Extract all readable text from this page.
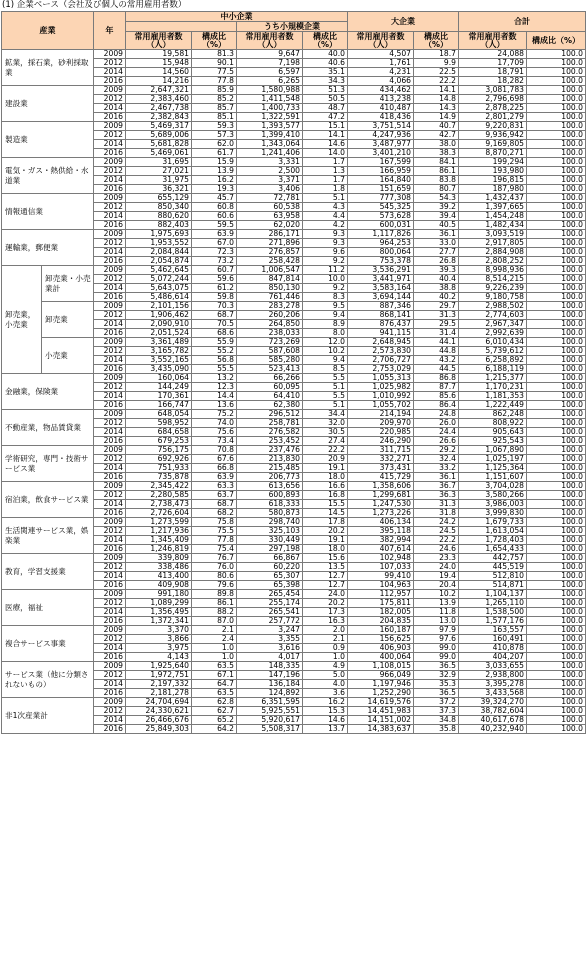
(1) 企業ベース（会社及び個人の常用雇用者数）
産業		年	中小企業				大企業		合計	
					うち小規模企業					
			常用雇用者数（人）	構成比（%）	常用雇用者数（人）	構成比（%）	常用雇用者数（人）	構成比（%）	常用雇用者数（人）	構成比（%）
鉱業，採石業，砂利採取業		2009	19,581	81.3	9,647	40.0	4,507	18.7	24,088	100.0
		2012	15,948	90.1	7,198	40.6	1,761	9.9	17,709	100.0
		2014	14,560	77.5	6,597	35.1	4,231	22.5	18,791	100.0
		2016	14,216	77.8	6,265	34.3	4,066	22.2	18,282	100.0
建設業		2009	2,647,321	85.9	1,580,988	51.3	434,462	14.1	3,081,783	100.0
		2012	2,383,460	85.2	1,411,548	50.5	413,238	14.8	2,796,698	100.0
		2014	2,467,738	85.7	1,400,733	48.7	410,487	14.3	2,878,225	100.0
		2016	2,382,843	85.1	1,322,591	47.2	418,436	14.9	2,801,279	100.0
製造業		2009	5,469,317	59.3	1,393,577	15.1	3,751,514	40.7	9,220,831	100.0
		2012	5,689,006	57.3	1,399,410	14.1	4,247,936	42.7	9,936,942	100.0
		2014	5,681,828	62.0	1,343,064	14.6	3,487,977	38.0	9,169,805	100.0
		2016	5,469,061	61.7	1,241,406	14.0	3,401,210	38.3	8,870,271	100.0
電気・ガス・熱供給・水道業		2009	31,695	15.9	3,331	1.7	167,599	84.1	199,294	100.0
		2012	27,021	13.9	2,500	1.3	166,959	86.1	193,980	100.0
		2014	31,975	16.2	3,371	1.7	164,840	83.8	196,815	100.0
		2016	36,321	19.3	3,406	1.8	151,659	80.7	187,980	100.0
情報通信業		2009	655,129	45.7	72,781	5.1	777,308	54.3	1,432,437	100.0
		2012	850,340	60.8	60,538	4.3	545,325	39.2	1,397,665	100.0
		2014	880,620	60.6	63,958	4.4	573,628	39.4	1,454,248	100.0
		2016	882,403	59.5	62,020	4.2	600,031	40.5	1,482,434	100.0
運輸業，郵便業		2009	1,975,693	63.9	286,171	9.3	1,117,826	36.1	3,093,519	100.0
		2012	1,953,552	67.0	271,896	9.3	964,253	33.0	2,917,805	100.0
		2014	2,084,844	72.3	276,857	9.6	800,064	27.7	2,884,908	100.0
		2016	2,054,874	73.2	258,428	9.2	753,378	26.8	2,808,252	100.0
卸売業，小売業	卸売業・小売業計	2009	5,462,645	60.7	1,006,547	11.2	3,536,291	39.3	8,998,936	100.0
		2012	5,072,244	59.6	847,814	10.0	3,441,971	40.4	8,514,215	100.0
		2014	5,643,075	61.2	850,130	9.2	3,583,164	38.8	9,226,239	100.0
		2016	5,486,614	59.8	761,446	8.3	3,694,144	40.2	9,180,758	100.0
	卸売業	2009	2,101,156	70.3	283,278	9.5	887,346	29.7	2,988,502	100.0
		2012	1,906,462	68.7	260,206	9.4	868,141	31.3	2,774,603	100.0
		2014	2,090,910	70.5	264,850	8.9	876,437	29.5	2,967,347	100.0
		2016	2,051,524	68.6	238,033	8.0	941,115	31.4	2,992,639	100.0
	小売業	2009	3,361,489	55.9	723,269	12.0	2,648,945	44.1	6,010,434	100.0
		2012	3,165,782	55.2	587,608	10.2	2,573,830	44.8	5,739,612	100.0
		2014	3,552,165	56.8	585,280	9.4	2,706,727	43.2	6,258,892	100.0
		2016	3,435,090	55.5	523,413	8.5	2,753,029	44.5	6,188,119	100.0
金融業，保険業		2009	160,064	13.2	66,266	5.5	1,055,313	86.8	1,215,377	100.0
		2012	144,249	12.3	60,095	5.1	1,025,982	87.7	1,170,231	100.0
		2014	170,361	14.4	64,410	5.5	1,010,992	85.6	1,181,353	100.0
		2016	166,747	13.6	62,380	5.1	1,055,702	86.4	1,222,449	100.0
不動産業，物品賃貸業		2009	648,054	75.2	296,512	34.4	214,194	24.8	862,248	100.0
		2012	598,952	74.0	258,781	32.0	209,970	26.0	808,922	100.0
		2014	684,658	75.6	276,582	30.5	220,985	24.4	905,643	100.0
		2016	679,253	73.4	253,452	27.4	246,290	26.6	925,543	100.0
学術研究，専門・技術サービス業		2009	756,175	70.8	237,476	22.2	311,715	29.2	1,067,890	100.0
		2012	692,926	67.6	213,830	20.9	332,271	32.4	1,025,197	100.0
		2014	751,933	66.8	215,485	19.1	373,431	33.2	1,125,364	100.0
		2016	735,878	63.9	206,773	18.0	415,729	36.1	1,151,607	100.0
宿泊業，飲食サービス業		2009	2,345,422	63.3	613,656	16.6	1,358,606	36.7	3,704,028	100.0
		2012	2,280,585	63.7	600,893	16.8	1,299,681	36.3	3,580,266	100.0
		2014	2,738,473	68.7	618,333	15.5	1,247,530	31.3	3,986,003	100.0
		2016	2,726,604	68.2	580,873	14.5	1,273,226	31.8	3,999,830	100.0
生活関連サービス業，娯楽業		2009	1,273,599	75.8	298,740	17.8	406,134	24.2	1,679,733	100.0
		2012	1,217,936	75.5	325,103	20.2	395,118	24.5	1,613,054	100.0
		2014	1,345,409	77.8	330,449	19.1	382,994	22.2	1,728,403	100.0
		2016	1,246,819	75.4	297,198	18.0	407,614	24.6	1,654,433	100.0
教育，学習支援業		2009	339,809	76.7	66,867	15.6	102,948	23.3	442,757	100.0
		2012	338,486	76.0	60,220	13.5	107,033	24.0	445,519	100.0
		2014	413,400	80.6	65,307	12.7	99,410	19.4	512,810	100.0
		2016	409,908	79.6	65,398	12.7	104,963	20.4	514,871	100.0
医療，福祉		2009	991,180	89.8	265,454	24.0	112,957	10.2	1,104,137	100.0
		2012	1,089,299	86.1	255,174	20.2	175,811	13.9	1,265,110	100.0
		2014	1,356,495	88.2	265,541	17.3	182,005	11.8	1,538,500	100.0
		2016	1,372,341	87.0	257,772	16.3	204,835	13.0	1,577,176	100.0
複合サービス事業		2009	3,370	2.1	3,247	2.0	160,187	97.9	163,557	100.0
		2012	3,866	2.4	3,355	2.1	156,625	97.6	160,491	100.0
		2014	3,975	1.0	3,616	0.9	406,903	99.0	410,878	100.0
		2016	4,143	1.0	4,017	1.0	400,064	99.0	404,207	100.0
サービス業（他に分類されないもの）		2009	1,925,640	63.5	148,335	4.9	1,108,015	36.5	3,033,655	100.0
		2012	1,972,751	67.1	147,196	5.0	966,049	32.9	2,938,800	100.0
		2014	2,197,332	64.7	136,184	4.0	1,197,946	35.3	3,395,278	100.0
		2016	2,181,278	63.5	124,892	3.6	1,252,290	36.5	3,433,568	100.0
非1次産業計		2009	24,704,694	62.8	6,351,595	16.2	14,619,576	37.2	39,324,270	100.0
		2012	24,330,621	62.7	5,925,551	15.3	14,451,983	37.3	38,782,604	100.0
		2014	26,466,676	65.2	5,920,617	14.6	14,151,002	34.8	40,617,678	100.0
		2016	25,849,303	64.2	5,508,317	13.7	14,383,637	35.8	40,232,940	100.0
